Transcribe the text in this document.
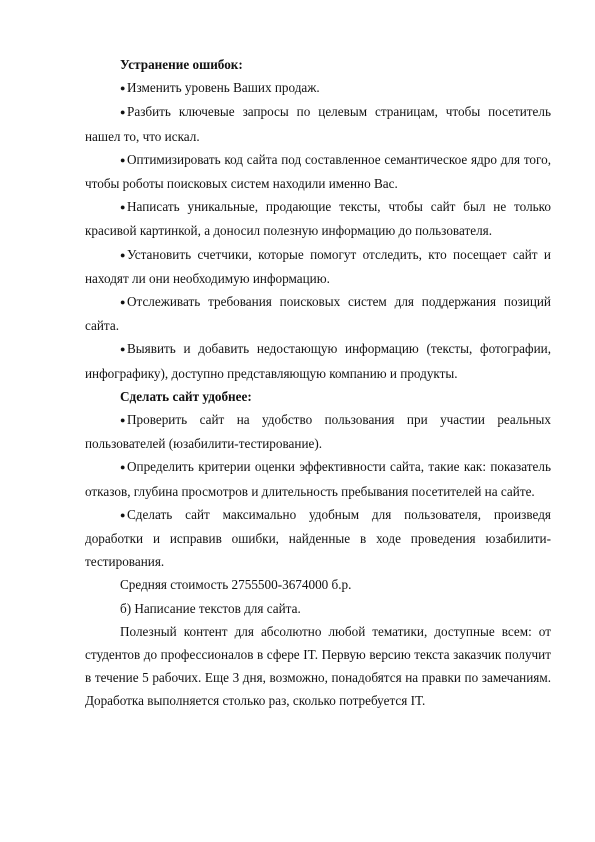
Устранение ошибок:

● Изменить уровень Ваших продаж.

● Разбить ключевые запросы по целевым страницам, чтобы посетитель нашел то, что искал.

● Оптимизировать код сайта под составленное семантическое ядро для того, чтобы роботы поисковых систем находили именно Вас.

● Написать уникальные, продающие тексты, чтобы сайт был не только красивой картинкой, а доносил полезную информацию до пользователя.

● Установить счетчики, которые помогут отследить, кто посещает сайт и находят ли они необходимую информацию.

● Отслеживать требования поисковых систем для поддержания позиций сайта.

● Выявить и добавить недостающую информацию (тексты, фотографии, инфографику), доступно представляющую компанию и продукты.

Сделать сайт удобнее:

● Проверить сайт на удобство пользования при участии реальных пользователей (юзабилити-тестирование).

● Определить критерии оценки эффективности сайта, такие как: показатель отказов, глубина просмотров и длительность пребывания посетителей на сайте.

● Сделать сайт максимально удобным для пользователя, произведя доработки и исправив ошибки, найденные в ходе проведения юзабилити-тестирования.

Средняя стоимость 2755500-3674000 б.р.

б) Написание текстов для сайта.

Полезный контент для абсолютно любой тематики, доступные всем: от студентов до профессионалов в сфере IT. Первую версию текста заказчик получит в течение 5 рабочих. Еще 3 дня, возможно, понадобятся на правки по замечаниям. Доработка выполняется столько раз, сколько потребуется IT.
